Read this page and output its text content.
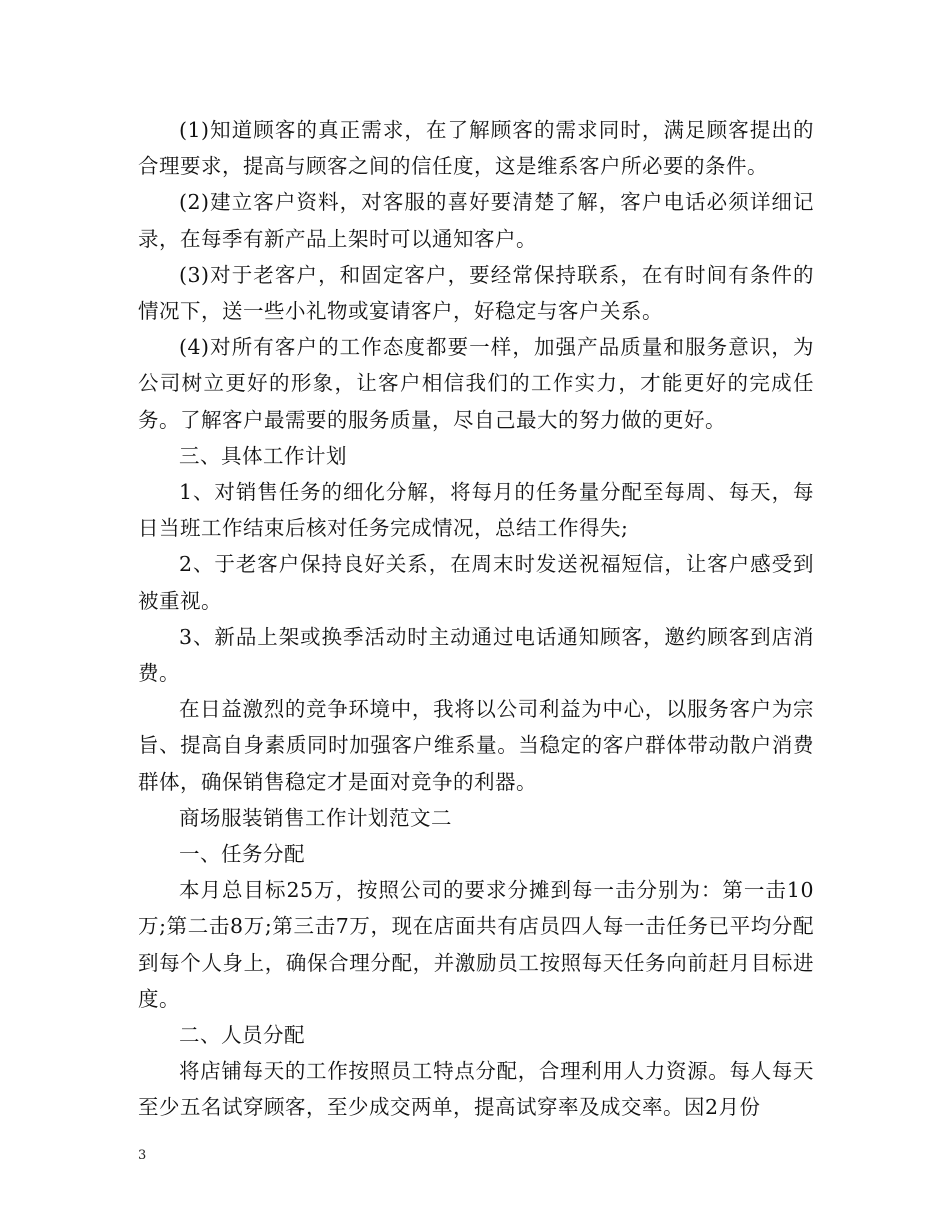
(1)知道顾客的真正需求，在了解顾客的需求同时，满足顾客提出的合理要求，提高与顾客之间的信任度，这是维系客户所必要的条件。

(2)建立客户资料，对客服的喜好要清楚了解，客户电话必须详细记录，在每季有新产品上架时可以通知客户。

(3)对于老客户，和固定客户，要经常保持联系，在有时间有条件的情况下，送一些小礼物或宴请客户，好稳定与客户关系。

(4)对所有客户的工作态度都要一样，加强产品质量和服务意识，为公司树立更好的形象，让客户相信我们的工作实力，才能更好的完成任务。了解客户最需要的服务质量，尽自己最大的努力做的更好。

三、具体工作计划

1、对销售任务的细化分解，将每月的任务量分配至每周、每天，每日当班工作结束后核对任务完成情况，总结工作得失;

2、于老客户保持良好关系，在周末时发送祝福短信，让客户感受到被重视。

3、新品上架或换季活动时主动通过电话通知顾客，邀约顾客到店消费。

在日益激烈的竞争环境中，我将以公司利益为中心，以服务客户为宗旨、提高自身素质同时加强客户维系量。当稳定的客户群体带动散户消费群体，确保销售稳定才是面对竞争的利器。

商场服装销售工作计划范文二

一、任务分配

本月总目标25万，按照公司的要求分摊到每一击分别为：第一击10万;第二击8万;第三击7万，现在店面共有店员四人每一击任务已平均分配到每个人身上，确保合理分配，并激励员工按照每天任务向前赶月目标进度。

二、人员分配

将店铺每天的工作按照员工特点分配，合理利用人力资源。每人每天至少五名试穿顾客，至少成交两单，提高试穿率及成交率。因2月份

3
